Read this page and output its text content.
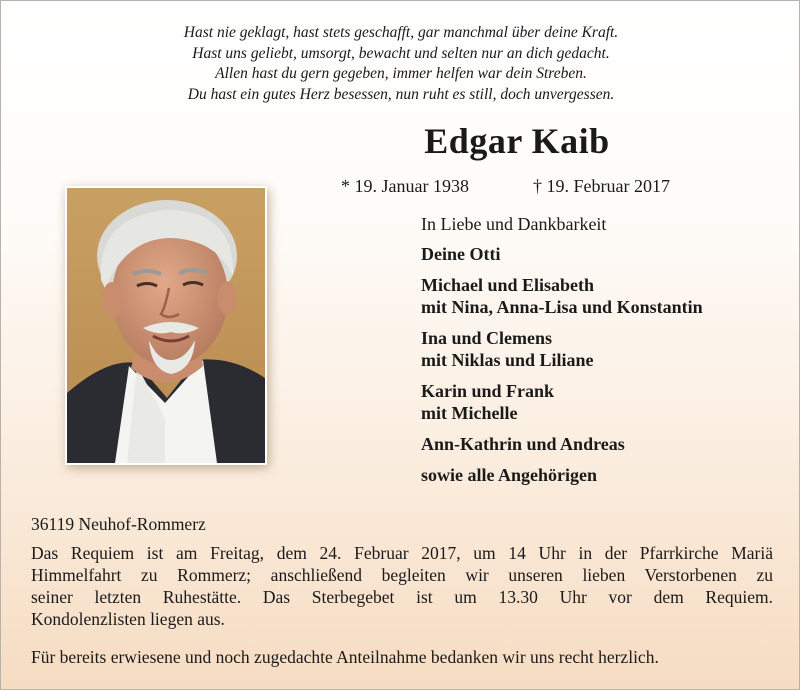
Hast nie geklagt, hast stets geschafft, gar manchmal über deine Kraft.
Hast uns geliebt, umsorgt, bewacht und selten nur an dich gedacht.
Allen hast du gern gegeben, immer helfen war dein Streben.
Du hast ein gutes Herz besessen, nun ruht es still, doch unvergessen.
Edgar Kaib
* 19. Januar 1938	† 19. Februar 2017
In Liebe und Dankbarkeit
Deine Otti
Michael und Elisabeth
mit Nina, Anna-Lisa und Konstantin
Ina und Clemens
mit Niklas und Liliane
Karin und Frank
mit Michelle
Ann-Kathrin und Andreas
sowie alle Angehörigen
36119 Neuhof-Rommerz
Das Requiem ist am Freitag, dem 24. Februar 2017, um 14 Uhr in der Pfarrkirche Mariä
Himmelfahrt zu Rommerz; anschließend begleiten wir unseren lieben Verstorbenen zu
seiner letzten Ruhestätte. Das Sterbegebet ist um 13.30 Uhr vor dem Requiem.
Kondolenzlisten liegen aus.
Für bereits erwiesene und noch zugedachte Anteilnahme bedanken wir uns recht herzlich.
